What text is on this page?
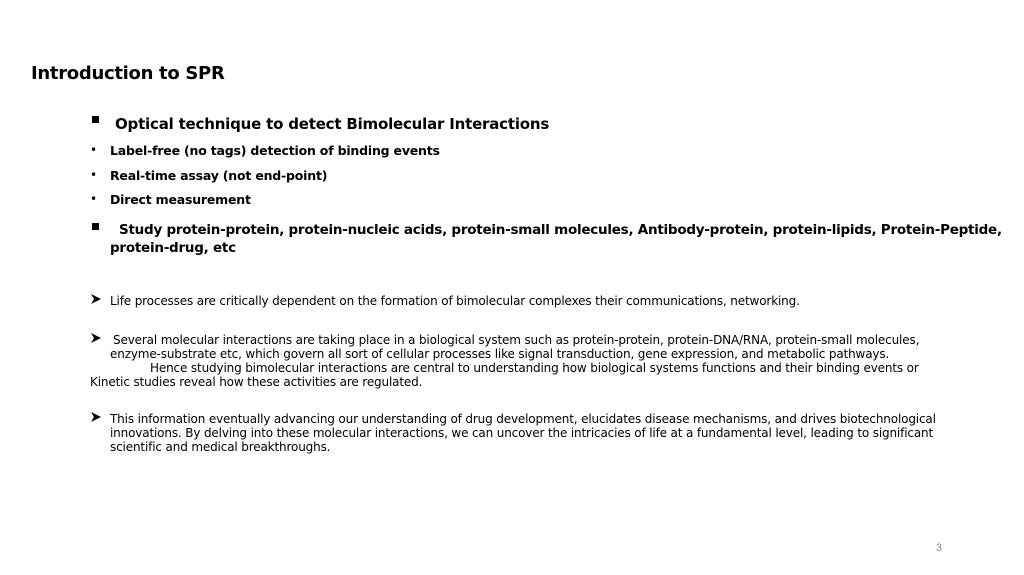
Introduction to SPR
Optical technique to detect Bimolecular Interactions
• Label-free (no tags) detection of binding events
• Real-time assay (not end-point)
• Direct measurement
Study protein-protein, protein-nucleic acids, protein-small molecules, Antibody-protein, protein-lipids, Protein-Peptide,
protein-drug, etc
Life processes are critically dependent on the formation of bimolecular complexes their communications, networking.
Several molecular interactions are taking place in a biological system such as protein-protein, protein-DNA/RNA, protein-small molecules,
enzyme-substrate etc, which govern all sort of cellular processes like signal transduction, gene expression, and metabolic pathways.
Hence studying bimolecular interactions are central to understanding how biological systems functions and their binding events or
Kinetic studies reveal how these activities are regulated.
This information eventually advancing our understanding of drug development, elucidates disease mechanisms, and drives biotechnological
innovations. By delving into these molecular interactions, we can uncover the intricacies of life at a fundamental level, leading to significant
scientific and medical breakthroughs.
3
